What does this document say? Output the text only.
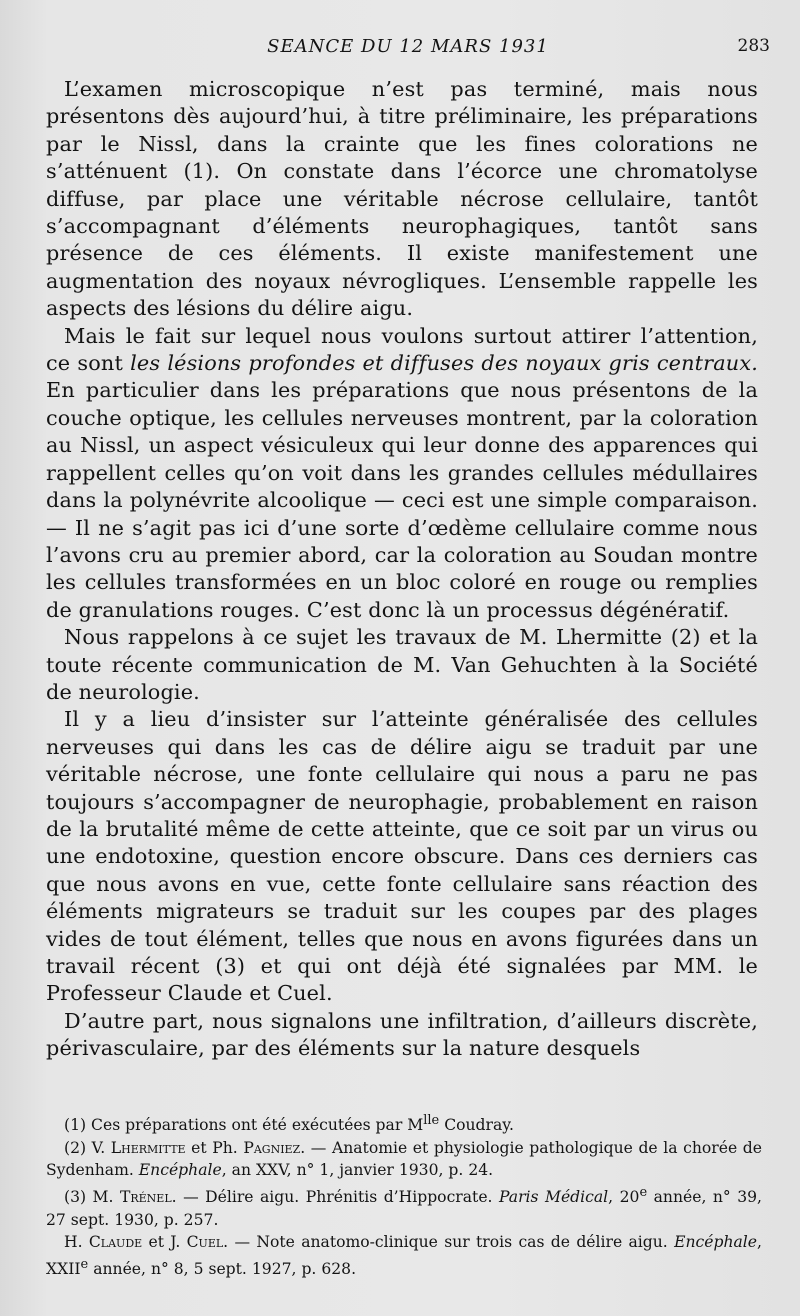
SEANCE DU 12 MARS 1931	283

L’examen microscopique n’est pas terminé, mais nous présentons dès aujourd’hui, à titre préliminaire, les préparations par le Nissl, dans la crainte que les fines colorations ne s’atténuent (1). On constate dans l’écorce une chromatolyse diffuse, par place une véritable nécrose cellulaire, tantôt s’accompagnant d’éléments neurophagiques, tantôt sans présence de ces éléments. Il existe manifestement une augmentation des noyaux névrogliques. L’ensemble rappelle les aspects des lésions du délire aigu.

Mais le fait sur lequel nous voulons surtout attirer l’attention, ce sont les lésions profondes et diffuses des noyaux gris centraux. En particulier dans les préparations que nous présentons de la couche optique, les cellules nerveuses montrent, par la coloration au Nissl, un aspect vésiculeux qui leur donne des apparences qui rappellent celles qu’on voit dans les grandes cellules médullaires dans la polynévrite alcoolique — ceci est une simple comparaison. — Il ne s’agit pas ici d’une sorte d’œdème cellulaire comme nous l’avons cru au premier abord, car la coloration au Soudan montre les cellules transformées en un bloc coloré en rouge ou remplies de granulations rouges. C’est donc là un processus dégénératif.

Nous rappelons à ce sujet les travaux de M. Lhermitte (2) et la toute récente communication de M. Van Gehuchten à la Société de neurologie.

Il y a lieu d’insister sur l’atteinte généralisée des cellules nerveuses qui dans les cas de délire aigu se traduit par une véritable nécrose, une fonte cellulaire qui nous a paru ne pas toujours s’accompagner de neurophagie, probablement en raison de la brutalité même de cette atteinte, que ce soit par un virus ou une endotoxine, question encore obscure. Dans ces derniers cas que nous avons en vue, cette fonte cellulaire sans réaction des éléments migrateurs se traduit sur les coupes par des plages vides de tout élément, telles que nous en avons figurées dans un travail récent (3) et qui ont déjà été signalées par MM. le Professeur Claude et Cuel.

D’autre part, nous signalons une infiltration, d’ailleurs discrète, périvasculaire, par des éléments sur la nature desquels

(1) Ces préparations ont été exécutées par $M^{lle}$ Coudray.

(2) V. Lhermitte et Ph. Pagniez. — Anatomie et physiologie pathologique de la chorée de Sydenham. Encéphale, an XXV, n° 1, janvier 1930, p. 24.

(3) M. Trénel. — Délire aigu. Phrénitis d’Hippocrate. Paris Médical, 20e année, n° 39, 27 sept. 1930, p. 257.

H. Claude et J. Cuel. — Note anatomo-clinique sur trois cas de délire aigu. Encéphale, XXIIe année, n° 8, 5 sept. 1927, p. 628.
